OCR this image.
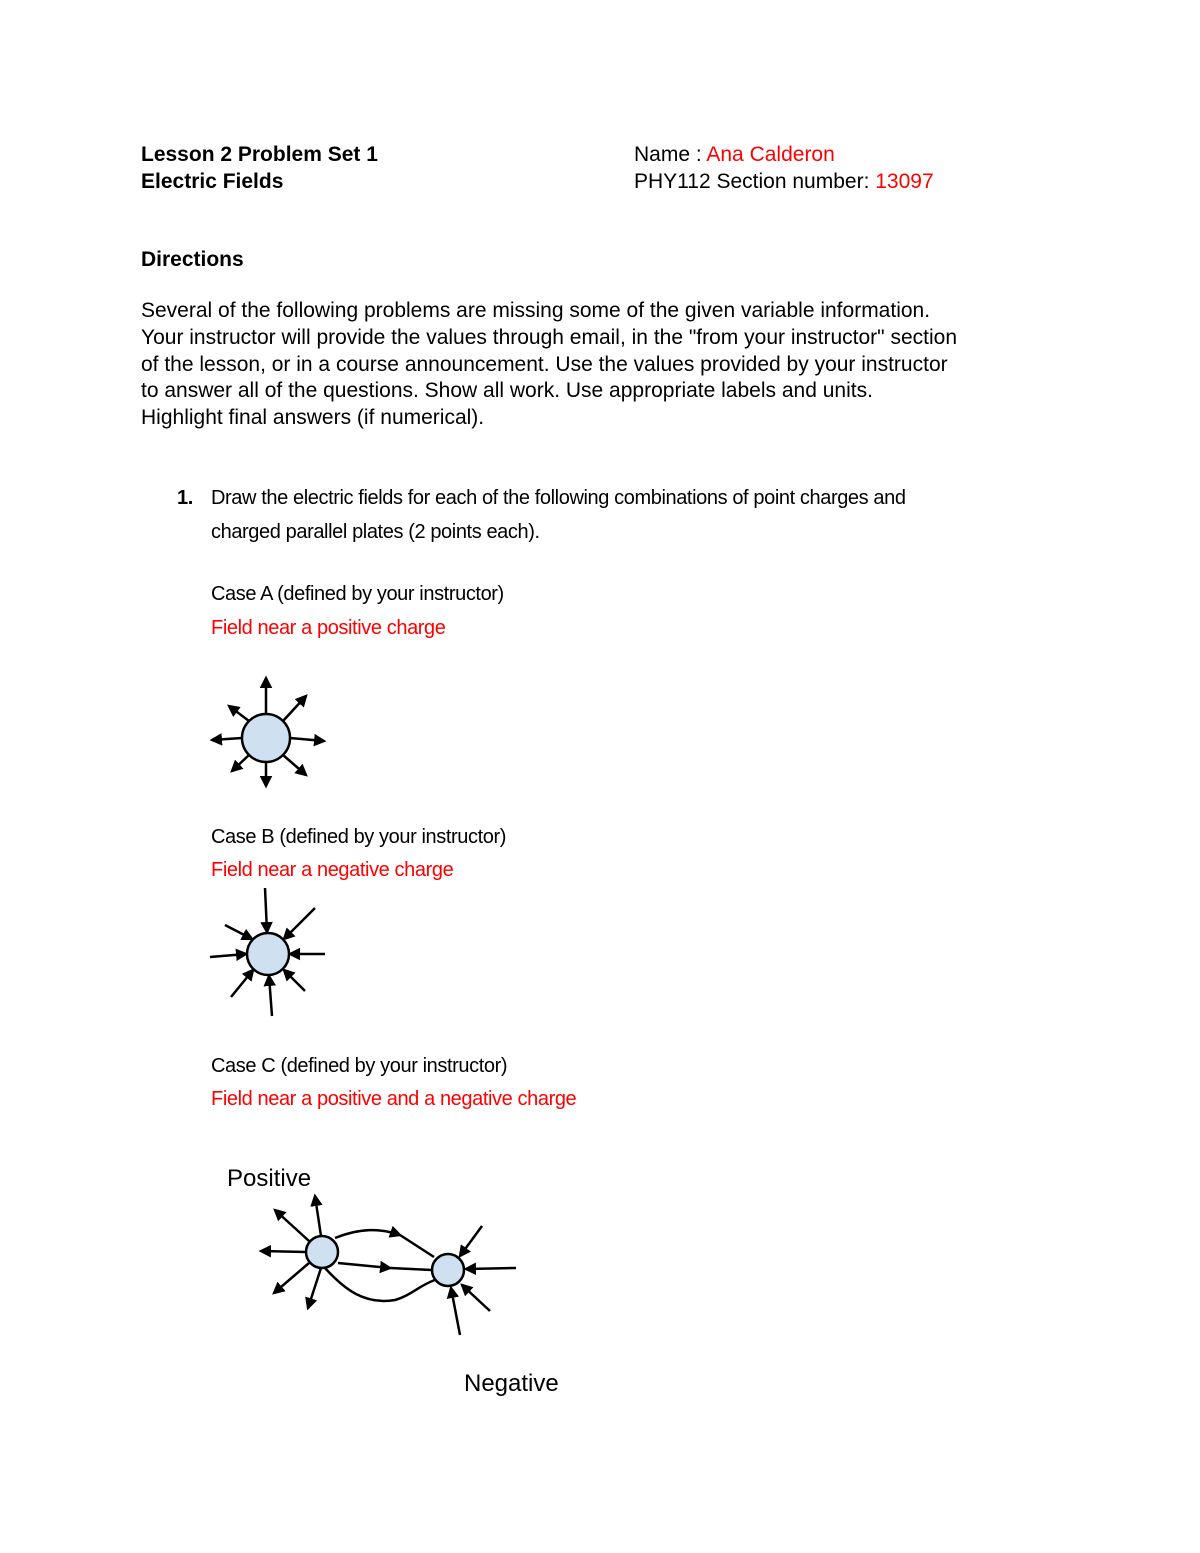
Lesson 2 Problem Set 1
Electric Fields
Name : Ana Calderon
PHY112 Section number: 13097
Directions
Several of the following problems are missing some of the given variable information.
Your instructor will provide the values through email, in the "from your instructor" section
of the lesson, or in a course announcement. Use the values provided by your instructor
to answer all of the questions. Show all work. Use appropriate labels and units.
Highlight final answers (if numerical).
1. Draw the electric fields for each of the following combinations of point charges and
charged parallel plates (2 points each).
Case A (defined by your instructor)
Field near a positive charge
Case B (defined by your instructor)
Field near a negative charge
Case C (defined by your instructor)
Field near a positive and a negative charge
Positive
Negative
